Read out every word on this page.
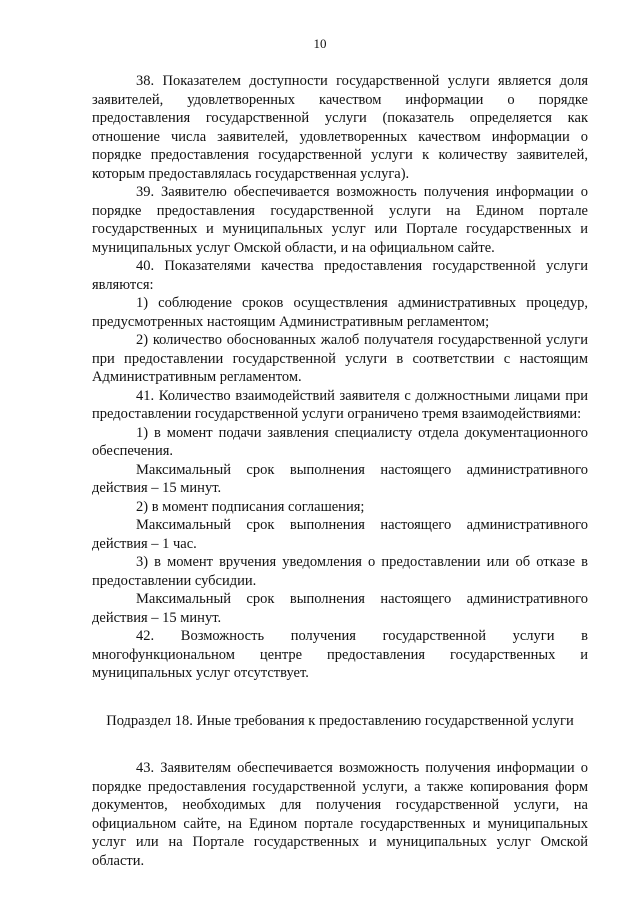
10

38. Показателем доступности государственной услуги является доля заявителей, удовлетворенных качеством информации о порядке предоставления государственной услуги (показатель определяется как отношение числа заявителей, удовлетворенных качеством информации о порядке предоставления государственной услуги к количеству заявителей, которым предоставлялась государственная услуга).

39. Заявителю обеспечивается возможность получения информации о порядке предоставления государственной услуги на Едином портале государственных и муниципальных услуг или Портале государственных и муниципальных услуг Омской области, и на официальном сайте.

40. Показателями качества предоставления государственной услуги являются:

1) соблюдение сроков осуществления административных процедур, предусмотренных настоящим Административным регламентом;

2) количество обоснованных жалоб получателя государственной услуги при предоставлении государственной услуги в соответствии с настоящим Административным регламентом.

41. Количество взаимодействий заявителя с должностными лицами при предоставлении государственной услуги ограничено тремя взаимодействиями:

1) в момент подачи заявления специалисту отдела документационного обеспечения.

Максимальный срок выполнения настоящего административного действия – 15 минут.

2) в момент подписания соглашения;

Максимальный срок выполнения настоящего административного действия – 1 час.

3) в момент вручения уведомления о предоставлении или об отказе в предоставлении субсидии.

Максимальный срок выполнения настоящего административного действия – 15 минут.

42. Возможность получения государственной услуги в многофункциональном центре предоставления государственных и муниципальных услуг отсутствует.

Подраздел 18. Иные требования к предоставлению государственной услуги

43. Заявителям обеспечивается возможность получения информации о порядке предоставления государственной услуги, а также копирования форм документов, необходимых для получения государственной услуги, на официальном сайте, на Едином портале государственных и муниципальных услуг или на Портале государственных и муниципальных услуг Омской области.
